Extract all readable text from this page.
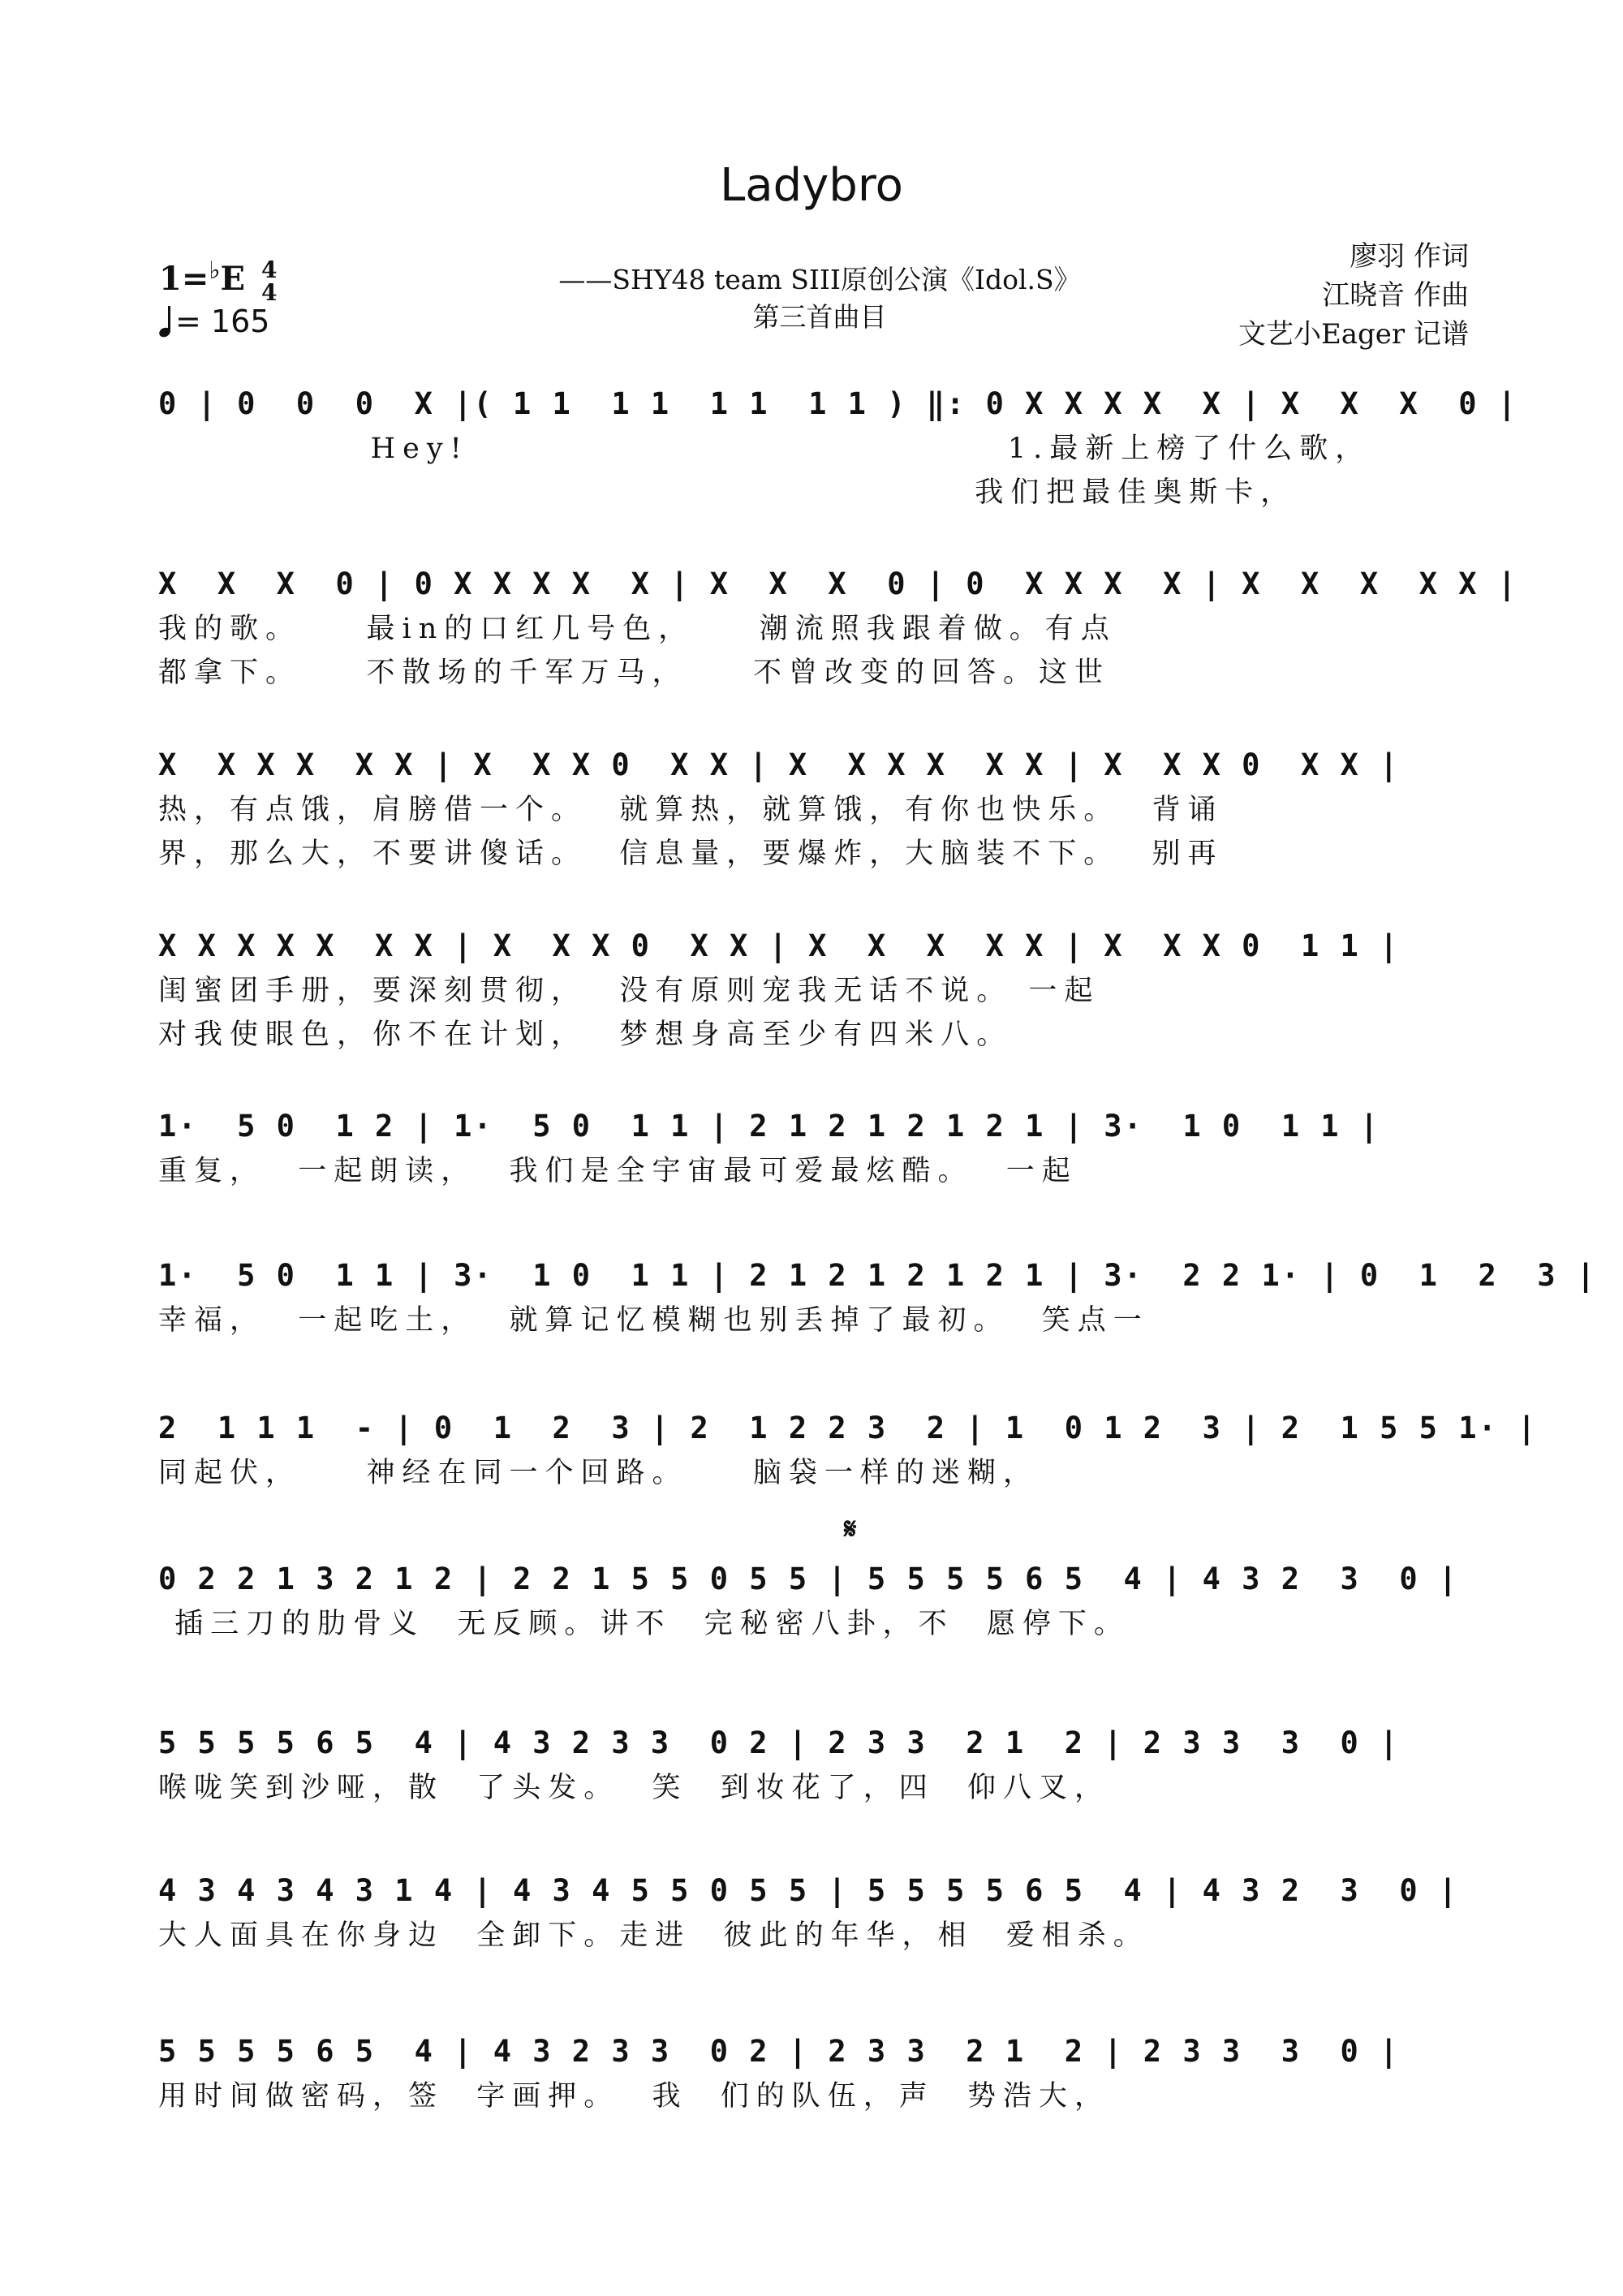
Ladybro
1=♭E 4
4
= 165
——SHY48 team SIII原创公演《Idol.S》
第三首曲目
廖羽 作词
江晓音 作曲
文艺小Eager 记谱
𝄋
0 | 0  0  0  X |( 1 1  1 1  1 1  1 1 ) ‖: 0 X X X X  X | X  X  X  0 |
Hey!                                 1.最新上榜了什么歌，
我们把最佳奥斯卡，
X  X  X  0 | 0 X X X X  X | X  X  X  0 | 0  X X X  X | X  X  X  X X |
我的歌。    最in的口红几号色，    潮流照我跟着做。有点
都拿下。    不散场的千军万马，    不曾改变的回答。这世
X  X X X  X X | X  X X 0  X X | X  X X X  X X | X  X X 0  X X |
热，有点饿，肩膀借一个。  就算热，就算饿，有你也快乐。  背诵
界，那么大，不要讲傻话。  信息量，要爆炸，大脑装不下。  别再
X X X X X  X X | X  X X 0  X X | X  X  X  X X | X  X X 0  1 1 |
闺蜜团手册，要深刻贯彻，  没有原则宠我无话不说。 一起
对我使眼色，你不在计划，  梦想身高至少有四米八。
1·  5 0  1 2 | 1·  5 0  1 1 | 2 1 2 1 2 1 2 1 | 3·  1 0  1 1 |
重复，  一起朗读，  我们是全宇宙最可爱最炫酷。  一起
1·  5 0  1 1 | 3·  1 0  1 1 | 2 1 2 1 2 1 2 1 | 3·  2 2 1· | 0  1  2  3 |
幸福，  一起吃土，  就算记忆模糊也别丢掉了最初。  笑点一
2  1 1 1  - | 0  1  2  3 | 2  1 2 2 3  2 | 1  0 1 2  3 | 2  1 5 5 1· |
同起伏，    神经在同一个回路。    脑袋一样的迷糊，
0 2 2 1 3 2 1 2 | 2 2 1 5 5 0 5 5 | 5 5 5 5 6 5  4 | 4 3 2  3  0 |
插三刀的肋骨义  无反顾。讲不  完秘密八卦，不  愿停下。
5 5 5 5 6 5  4 | 4 3 2 3 3  0 2 | 2 3 3  2 1  2 | 2 3 3  3  0 |
喉咙笑到沙哑，散  了头发。  笑  到妆花了，四  仰八叉，
4 3 4 3 4 3 1 4 | 4 3 4 5 5 0 5 5 | 5 5 5 5 6 5  4 | 4 3 2  3  0 |
大人面具在你身边  全卸下。走进  彼此的年华，相  爱相杀。
5 5 5 5 6 5  4 | 4 3 2 3 3  0 2 | 2 3 3  2 1  2 | 2 3 3  3  0 |
用时间做密码，签  字画押。  我  们的队伍，声  势浩大，
